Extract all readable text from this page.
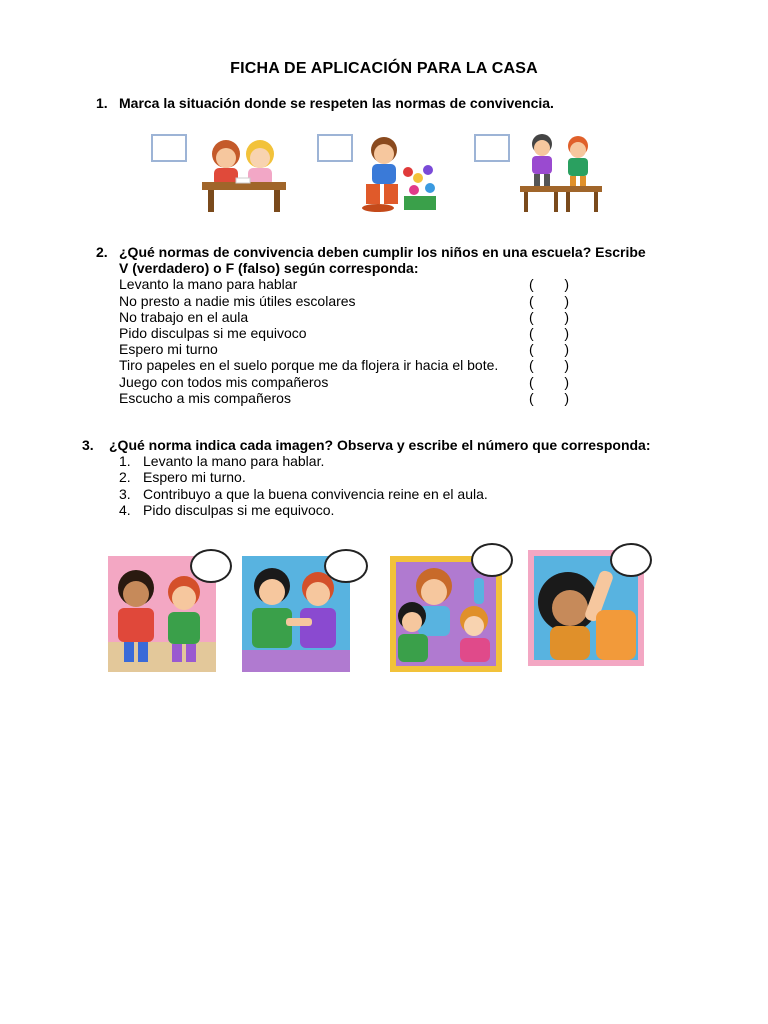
FICHA DE APLICACIÓN PARA LA CASA
1. Marca la situación donde se respeten las normas de convivencia.
2. ¿Qué normas de convivencia deben cumplir los niños en una escuela? Escribe
V (verdadero) o F (falso) según corresponda:
Levanto la mano para hablar	( )
No presto a nadie mis útiles escolares	( )
No trabajo en el aula	( )
Pido disculpas si me equivoco	( )
Espero mi turno	( )
Tiro papeles en el suelo porque me da flojera ir hacia el bote.	( )
Juego con todos mis compañeros	( )
Escucho a mis compañeros	( )
3. ¿Qué norma indica cada imagen? Observa y escribe el número que corresponda:
1. Levanto la mano para hablar.
2. Espero mi turno.
3. Contribuyo a que la buena convivencia reine en el aula.
4. Pido disculpas si me equivoco.
